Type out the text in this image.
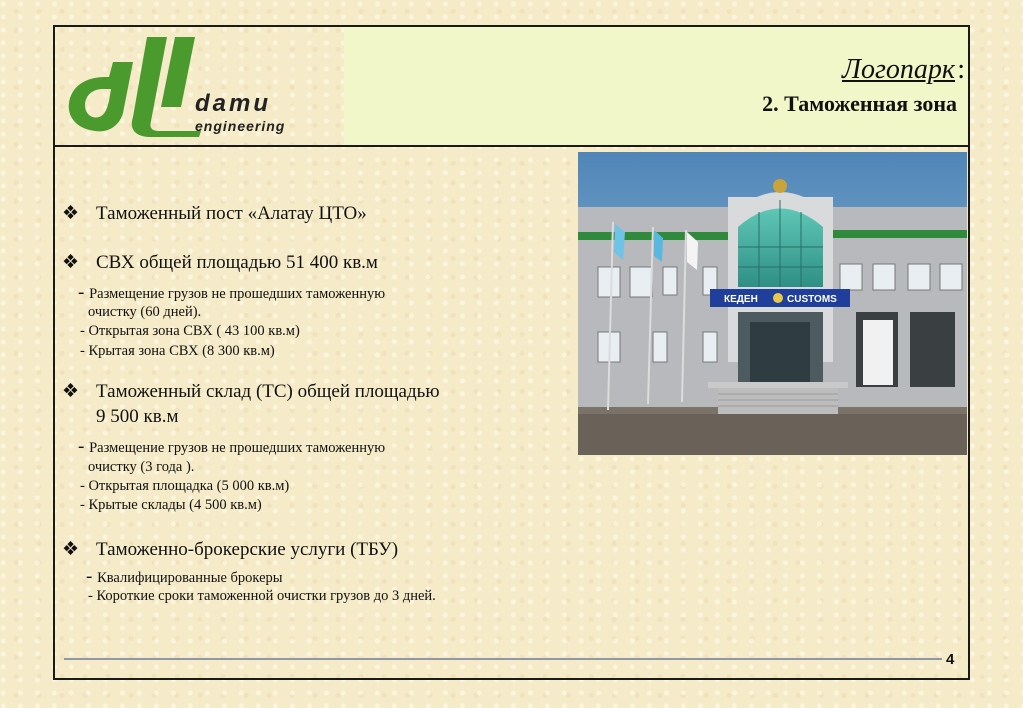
damu
engineering
Логопарк :
2. Таможенная зона
КЕДЕН	CUSTOMS
❖ Таможенный пост «Алатау ЦТО»
❖ СВХ общей площадью 51 400 кв.м
- Размещение грузов не прошедших таможенную
очистку (60 дней).
- Открытая зона СВХ ( 43 100 кв.м)
- Крытая зона СВХ (8 300 кв.м)
❖ Таможенный склад (ТС) общей площадью
9 500 кв.м
- Размещение грузов не прошедших таможенную
очистку (3 года ).
- Открытая площадка (5 000 кв.м)
- Крытые склады (4 500 кв.м)
❖ Таможенно-брокерские услуги (ТБУ)
- Квалифицированные брокеры
- Короткие сроки таможенной очистки грузов до 3 дней.
4
